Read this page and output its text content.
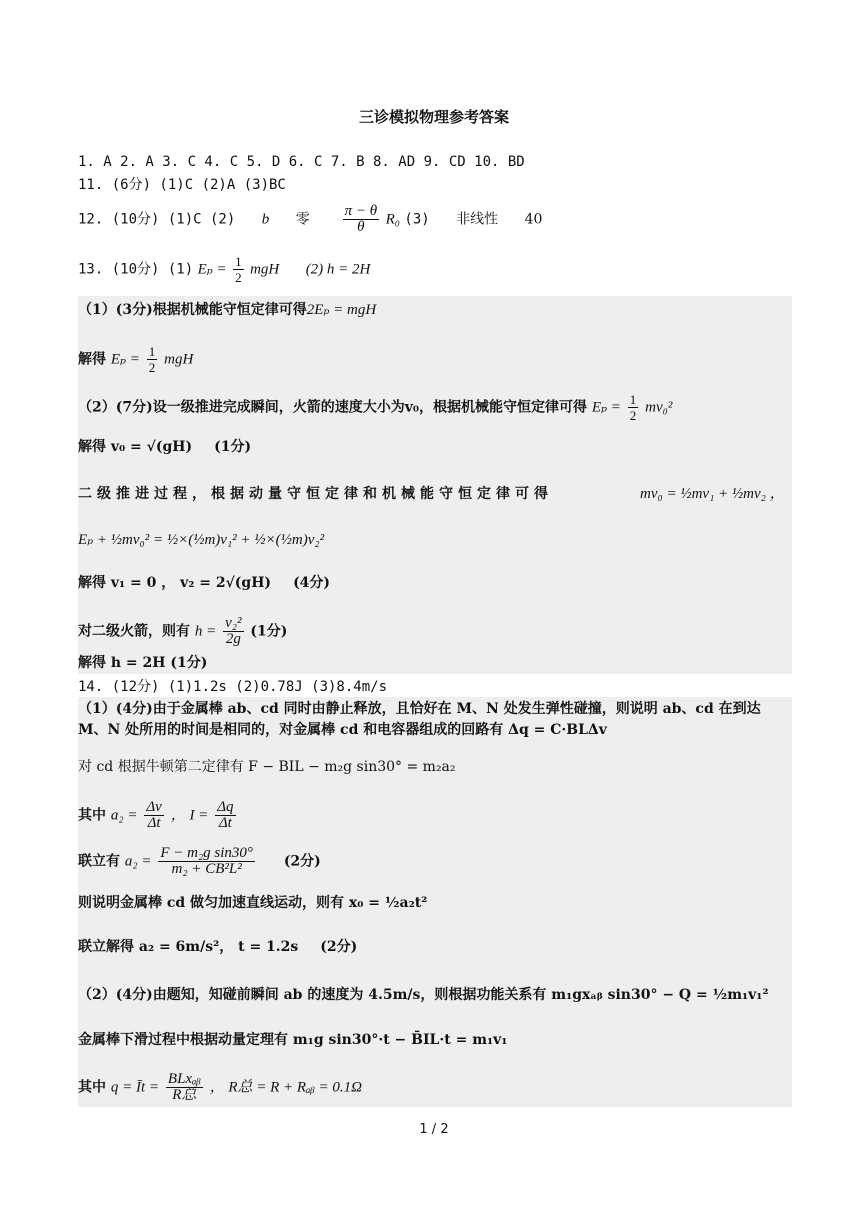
三诊模拟物理参考答案
1. A 2. A 3. C 4. C 5. D 6. C 7. B 8. AD 9. CD 10. BD
11. (6分) (1)C (2)A (3)BC
12. (10分) (1)C (2) b 零 $\frac{\pi - \theta}{\theta} R_0$ (3) 非线性 40
13. (10分) (1) $E_p = \frac{1}{2}$ mgH (2) h = 2H
（1）(3分)根据机械能守恒定律可得2Eₚ = mgH
解得 $E_p = \frac{1}{2}$ mgH
（2）(7分)设一级推进完成瞬间，火箭的速度大小为v₀，根据机械能守恒定律可得 $E_p = \frac{1}{2} mv_0^2$
解得 v₀ = √(gH) (1分)
二级推进过程，根据动量守恒定律和机械能守恒定律可得	mv₀ = ½mv₁ + ½mv₂ ，
Eₚ + ½mv₀² = ½×(½m)v₁² + ½×(½m)v₂²
解得 v₁ = 0 ， v₂ = 2√(gH) (4分)
对二级火箭，则有 $h = \frac{\text{v₂²}}{2g} (1$分)
解得 h = 2H (1分)
14. (12分) (1)1.2s (2)0.78J (3)8.4m/s
（1）(4分)由于金属棒 ab、cd 同时由静止释放，且恰好在 M、N 处发生弹性碰撞，则说明 ab、cd 在到达
M、N 处所用的时间是相同的，对金属棒 cd 和电容器组成的回路有 Δq = C·BLΔv
对 cd 根据牛顿第二定律有 F − BIL − m₂g sin30° = m₂a₂
其中 $a_2 = \frac{\Delta v}{\Delta t}$ ， $I = \frac{\Delta q}{\Delta t}$
联立有 $a_2 = \frac{\text{F − m₂g sin30°}}{\text{m₂ + CB²L²}} (2$分)
则说明金属棒 cd 做匀加速直线运动，则有 x₀ = ½a₂t²
联立解得 a₂ = 6m/s²， t = 1.2s (2分)
（2）(4分)由题知，知碰前瞬间 ab 的速度为 4.5m/s，则根据功能关系有 m₁gxₐᵦ sin30° − Q = ½m₁v₁²
金属棒下滑过程中根据动量定理有 m₁g sin30°·t − B̄IL·t = m₁v₁
其中 q = Īt = $\frac{\text{BLxₐᵦ}}{\text{R总}}$ ， R总 = R + Rₐᵦ = 0.1Ω
1 / 2
